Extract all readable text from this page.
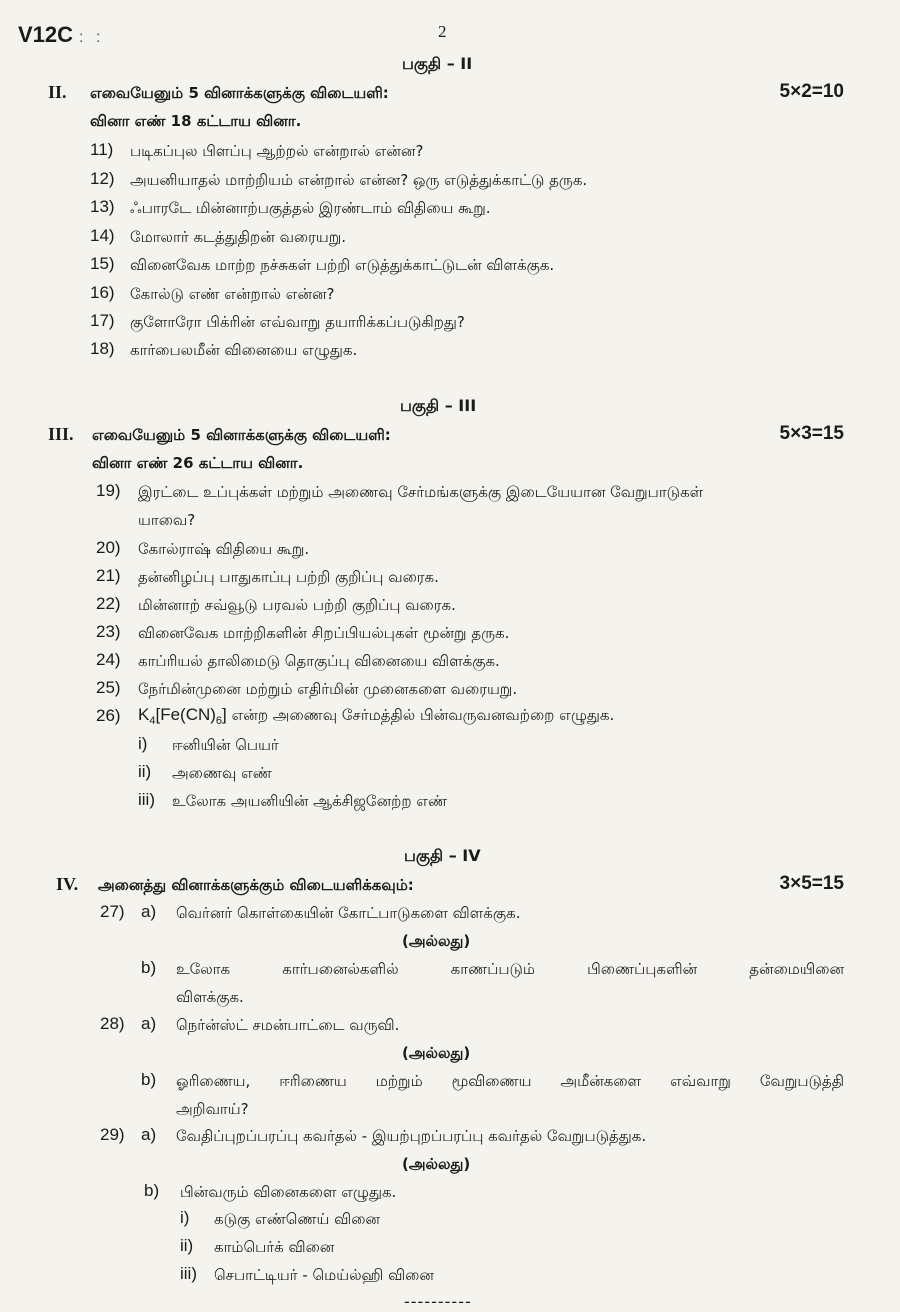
V12C : :	2
பகுதி – II
II. எவையேனும் 5 வினாக்களுக்கு விடையளி:	5×2=10
வினா எண் 18 கட்டாய வினா.
11) படிகப்புல பிளப்பு ஆற்றல் என்றால் என்ன?
12) அயனியாதல் மாற்றியம் என்றால் என்ன? ஒரு எடுத்துக்காட்டு தருக.
13) ஃபாரடே மின்னாற்பகுத்தல் இரண்டாம் விதியை கூறு.
14) மோலார் கடத்துதிறன் வரையறு.
15) வினைவேக மாற்ற நச்சுகள் பற்றி எடுத்துக்காட்டுடன் விளக்குக.
16) கோல்டு எண் என்றால் என்ன?
17) குளோரோ பிக்ரின் எவ்வாறு தயாரிக்கப்படுகிறது?
18) கார்பைலமீன் வினையை எழுதுக.
பகுதி – III
III. எவையேனும் 5 வினாக்களுக்கு விடையளி:	5×3=15
வினா எண் 26 கட்டாய வினா.
19) இரட்டை உப்புக்கள் மற்றும் அணைவு சேர்மங்களுக்கு இடையேயான வேறுபாடுகள்
யாவை?
20) கோல்ராஷ் விதியை கூறு.
21) தன்னிழப்பு பாதுகாப்பு பற்றி குறிப்பு வரைக.
22) மின்னாற் சவ்வூடு பரவல் பற்றி குறிப்பு வரைக.
23) வினைவேக மாற்றிகளின் சிறப்பியல்புகள் மூன்று தருக.
24) காப்ரியல் தாலிமைடு தொகுப்பு வினையை விளக்குக.
25) நேர்மின்முனை மற்றும் எதிர்மின் முனைகளை வரையறு.
26) $K_4[Fe(CN)_6]$ என்ற அணைவு சேர்மத்தில் பின்வருவனவற்றை எழுதுக.
i) ஈனியின் பெயர்
ii) அணைவு எண்
iii) உலோக அயனியின் ஆக்சிஜனேற்ற எண்
பகுதி – IV
IV. அனைத்து வினாக்களுக்கும் விடையளிக்கவும்:	3×5=15
27) a) வெர்னர் கொள்கையின் கோட்பாடுகளை விளக்குக.
(அல்லது)
b) உலோக கார்பனைல்களில் காணப்படும் பிணைப்புகளின் தன்மையினை
விளக்குக.
28) a) நெர்ன்ஸ்ட் சமன்பாட்டை வருவி.
(அல்லது)
b) ஓரிணைய, ஈரிணைய மற்றும் மூவிணைய அமீன்களை எவ்வாறு வேறுபடுத்தி
அறிவாய்?
29) a) வேதிப்புறப்பரப்பு கவர்தல் - இயற்புறப்பரப்பு கவர்தல் வேறுபடுத்துக.
(அல்லது)
b) பின்வரும் வினைகளை எழுதுக.
i) கடுகு எண்ணெய் வினை
ii) காம்பெர்க் வினை
iii) செபாட்டியர் - மெய்ல்ஹி வினை
----------
